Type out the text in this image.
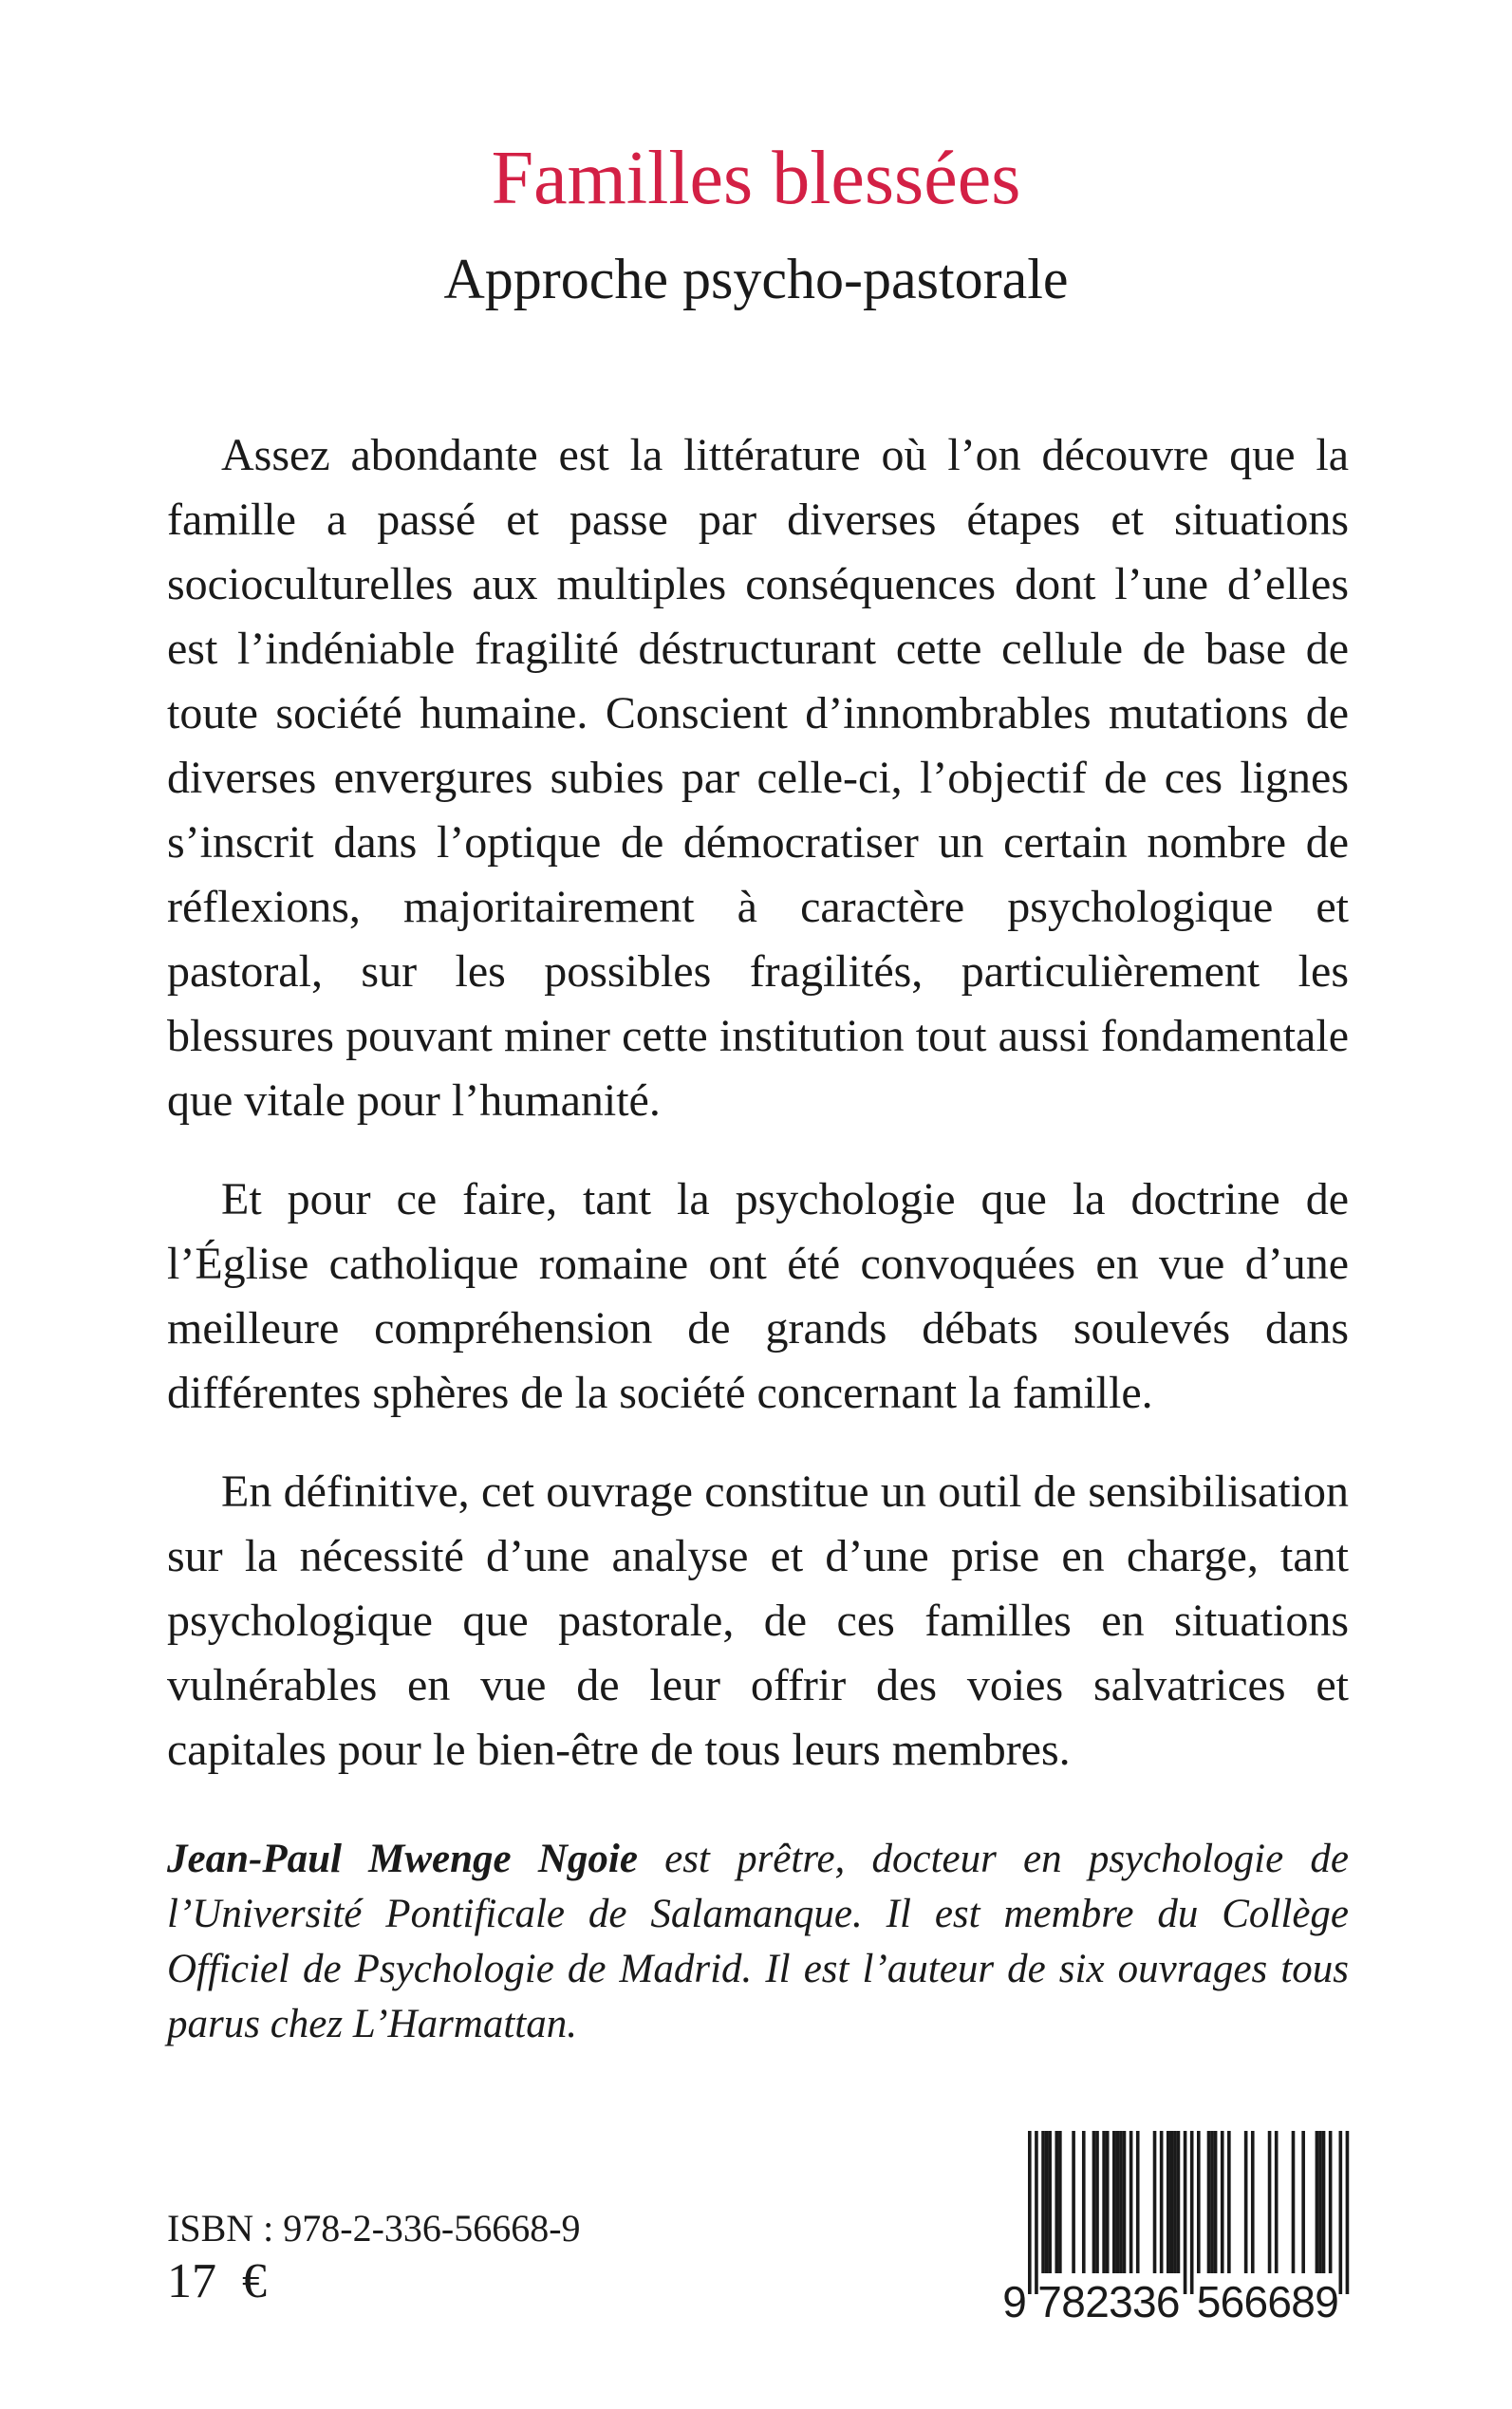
Familles blessées
Approche psycho-pastorale

Assez abondante est la littérature où l’on découvre que la famille a passé et passe par diverses étapes et situations socioculturelles aux multiples conséquences dont l’une d’elles est l’indéniable fragilité déstructurant cette cellule de base de toute société humaine. Conscient d’innombrables mutations de diverses envergures subies par celle-ci, l’objectif de ces lignes s’inscrit dans l’optique de démocratiser un certain nombre de réflexions, majoritairement à caractère psychologique et pastoral, sur les possibles fragilités, particulièrement les blessures pouvant miner cette institution tout aussi fondamentale que vitale pour l’humanité.

Et pour ce faire, tant la psychologie que la doctrine de l’Église catholique romaine ont été convoquées en vue d’une meilleure compréhension de grands débats soulevés dans différentes sphères de la société concernant la famille.

En définitive, cet ouvrage constitue un outil de sensibilisation sur la nécessité d’une analyse et d’une prise en charge, tant psychologique que pastorale, de ces familles en situations vulnérables en vue de leur offrir des voies salvatrices et capitales pour le bien-être de tous leurs membres.

Jean-Paul Mwenge Ngoie est prêtre, docteur en psychologie de l’Université Pontificale de Salamanque. Il est membre du Collège Officiel de Psychologie de Madrid. Il est l’auteur de six ouvrages tous parus chez L’Harmattan.

ISBN : 978-2-336-56668-9
17 €	9 7 8 2 3 3 6 5 6 6 6 8 9
